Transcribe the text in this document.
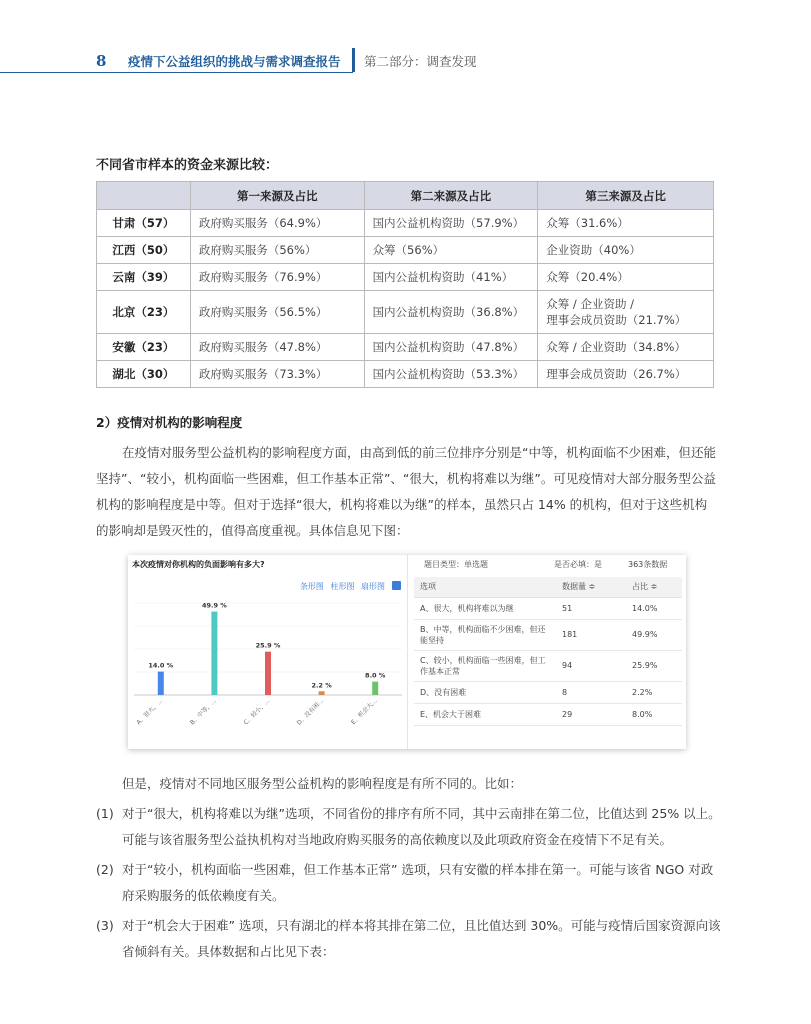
8 疫情下公益组织的挑战与需求调查报告 第二部分：调查发现
不同省市样本的资金来源比较：
	第一来源及占比	第二来源及占比	第三来源及占比
甘肃（57）	政府购买服务（64.9%）	国内公益机构资助（57.9%）	众筹（31.6%）
江西（50）	政府购买服务（56%）	众筹（56%）	企业资助（40%）
云南（39）	政府购买服务（76.9%）	国内公益机构资助（41%）	众筹（20.4%）
北京（23）	政府购买服务（56.5%）	国内公益机构资助（36.8%）	众筹 / 企业资助 /
理事会成员资助（21.7%）
安徽（23）	政府购买服务（47.8%）	国内公益机构资助（47.8%）	众筹 / 企业资助（34.8%）
湖北（30）	政府购买服务（73.3%）	国内公益机构资助（53.3%）	理事会成员资助（26.7%）
2）疫情对机构的影响程度
在疫情对服务型公益机构的影响程度方面，由高到低的前三位排序分别是“中等，机构面临不少困难，但还能坚持”、“较小，机构面临一些困难，但工作基本正常”、“很大，机构将难以为继”。可见疫情对大部分服务型公益机构的影响程度是中等。但对于选择“很大，机构将难以为继”的样本，虽然只占 14% 的机构，但对于这些机构的影响却是毁灭性的，值得高度重视。具体信息见下图：
本次疫情对你机构的负面影响有多大?
条形图 柱形图 扇形图
14.0 %
A、很大，...
49.9 %
B、中等，...
25.9 %
C、较小，...
2.2 %
D、没有困...
8.0 %
E、机会大...
题目类型：单选题	是否必填：是	363条数据
选项	数据量 ≑	占比 ≑
A、很大，机构将难以为继	51	14.0%
B、中等，机构面临不少困难，但还能坚持	181	49.9%
C、较小，机构面临一些困难，但工作基本正常	94	25.9%
D、没有困难	8	2.2%
E、机会大于困难	29	8.0%
但是，疫情对不同地区服务型公益机构的影响程度是有所不同的。比如：
(1) 对于“很大，机构将难以为继”选项，不同省份的排序有所不同，其中云南排在第二位，比值达到 25% 以上。可能与该省服务型公益执机构对当地政府购买服务的高依赖度以及此项政府资金在疫情下不足有关。
(2) 对于“较小，机构面临一些困难，但工作基本正常” 选项，只有安徽的样本排在第一。可能与该省 NGO 对政府采购服务的低依赖度有关。
(3) 对于“机会大于困难” 选项，只有湖北的样本将其排在第二位，且比值达到 30%。可能与疫情后国家资源向该省倾斜有关。具体数据和占比见下表：
